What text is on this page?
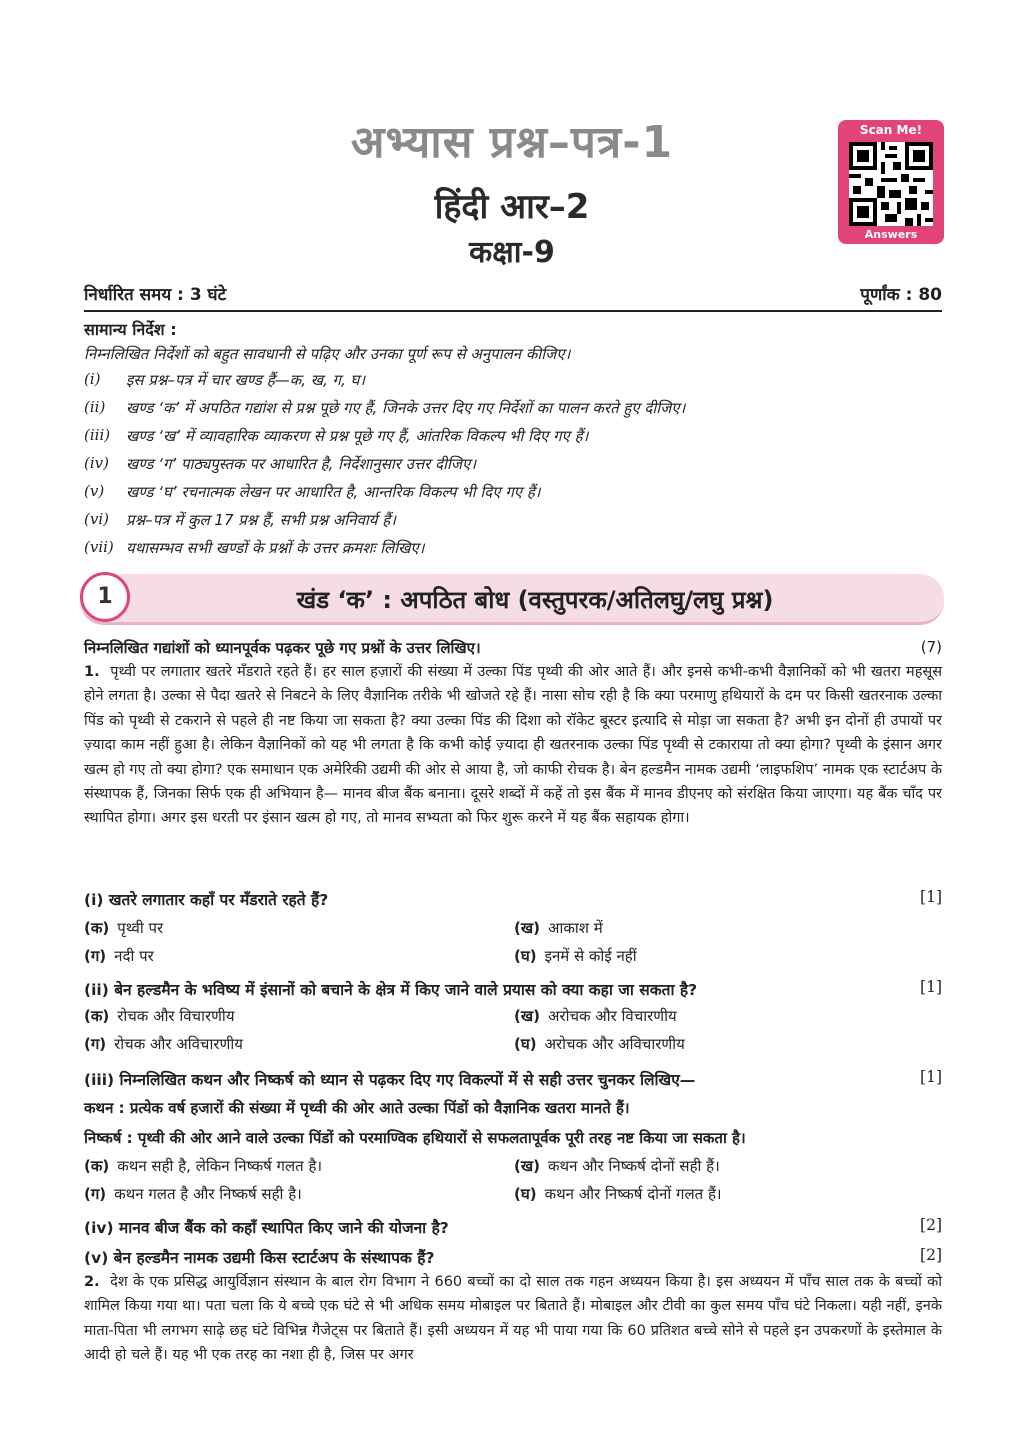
अभ्यास प्रश्न–पत्र-1
हिंदी आर–2
कक्षा-9
Scan Me!
Answers
निर्धारित समय : 3 घंटे	पूर्णांक : 80
सामान्य निर्देश :
निम्नलिखित निर्देशों को बहुत सावधानी से पढ़िए और उनका पूर्ण रूप से अनुपालन कीजिए।
(i) इस प्रश्न–पत्र में चार खण्ड हैं—क, ख, ग, घ।
(ii) खण्ड ‘क’ में अपठित गद्यांश से प्रश्न पूछे गए हैं, जिनके उत्तर दिए गए निर्देशों का पालन करते हुए दीजिए।
(iii) खण्ड ‘ख’ में व्यावहारिक व्याकरण से प्रश्न पूछे गए हैं, आंतरिक विकल्प भी दिए गए हैं।
(iv) खण्ड ‘ग’ पाठ्यपुस्तक पर आधारित है, निर्देशानुसार उत्तर दीजिए।
(v) खण्ड ‘घ’ रचनात्मक लेखन पर आधारित है, आन्तरिक विकल्प भी दिए गए हैं।
(vi) प्रश्न–पत्र में कुल 17 प्रश्न हैं, सभी प्रश्न अनिवार्य हैं।
(vii) यथासम्भव सभी खण्डों के प्रश्नों के उत्तर क्रमशः लिखिए।
1	खंड ‘क’ : अपठित बोध (वस्तुपरक/अतिलघु/लघु प्रश्न)
निम्नलिखित गद्यांशों को ध्यानपूर्वक पढ़कर पूछे गए प्रश्नों के उत्तर लिखिए।	(7)
1. पृथ्वी पर लगातार खतरे मँडराते रहते हैं। हर साल हज़ारों की संख्या में उल्का पिंड पृथ्वी की ओर आते हैं। और इनसे कभी-कभी वैज्ञानिकों को भी खतरा महसूस होने लगता है। उल्का से पैदा खतरे से निबटने के लिए वैज्ञानिक तरीके भी खोजते रहे हैं। नासा सोच रही है कि क्या परमाणु हथियारों के दम पर किसी खतरनाक उल्का पिंड को पृथ्वी से टकराने से पहले ही नष्ट किया जा सकता है? क्या उल्का पिंड की दिशा को रॉकेट बूस्टर इत्यादि से मोड़ा जा सकता है? अभी इन दोनों ही उपायों पर ज़्यादा काम नहीं हुआ है। लेकिन वैज्ञानिकों को यह भी लगता है कि कभी कोई ज़्यादा ही खतरनाक उल्का पिंड पृथ्वी से टकाराया तो क्या होगा? पृथ्वी के इंसान अगर खत्म हो गए तो क्या होगा? एक समाधान एक अमेरिकी उद्यमी की ओर से आया है, जो काफी रोचक है। बेन हल्डमैन नामक उद्यमी ‘लाइफशिप’ नामक एक स्टार्टअप के संस्थापक हैं, जिनका सिर्फ एक ही अभियान है— मानव बीज बैंक बनाना। दूसरे शब्दों में कहें तो इस बैंक में मानव डीएनए को संरक्षित किया जाएगा। यह बैंक चाँद पर स्थापित होगा। अगर इस धरती पर इंसान खत्म हो गए, तो मानव सभ्यता को फिर शुरू करने में यह बैंक सहायक होगा।
(i) खतरे लगातार कहाँ पर मँडराते रहते हैं?	[1]
(क) पृथ्वी पर	(ख) आकाश में
(ग) नदी पर	(घ) इनमें से कोई नहीं
(ii) बेन हल्डमैन के भविष्य में इंसानों को बचाने के क्षेत्र में किए जाने वाले प्रयास को क्या कहा जा सकता है?	[1]
(क) रोचक और विचारणीय	(ख) अरोचक और विचारणीय
(ग) रोचक और अविचारणीय	(घ) अरोचक और अविचारणीय
(iii) निम्नलिखित कथन और निष्कर्ष को ध्यान से पढ़कर दिए गए विकल्पों में से सही उत्तर चुनकर लिखिए—	[1]
कथन : प्रत्येक वर्ष हजारों की संख्या में पृथ्वी की ओर आते उल्का पिंडों को वैज्ञानिक खतरा मानते हैं।
निष्कर्ष : पृथ्वी की ओर आने वाले उल्का पिंडों को परमाण्विक हथियारों से सफलतापूर्वक पूरी तरह नष्ट किया जा सकता है।
(क) कथन सही है, लेकिन निष्कर्ष गलत है।	(ख) कथन और निष्कर्ष दोनों सही हैं।
(ग) कथन गलत है और निष्कर्ष सही है।	(घ) कथन और निष्कर्ष दोनों गलत हैं।
(iv) मानव बीज बैंक को कहाँ स्थापित किए जाने की योजना है?	[2]
(v) बेन हल्डमैन नामक उद्यमी किस स्टार्टअप के संस्थापक हैं?	[2]
2. देश के एक प्रसिद्ध आयुर्विज्ञान संस्थान के बाल रोग विभाग ने 660 बच्चों का दो साल तक गहन अध्ययन किया है। इस अध्ययन में पाँच साल तक के बच्चों को शामिल किया गया था। पता चला कि ये बच्चे एक घंटे से भी अधिक समय मोबाइल पर बिताते हैं। मोबाइल और टीवी का कुल समय पाँच घंटे निकला। यही नहीं, इनके माता-पिता भी लगभग साढ़े छह घंटे विभिन्न गैजेट्स पर बिताते हैं। इसी अध्ययन में यह भी पाया गया कि 60 प्रतिशत बच्चे सोने से पहले इन उपकरणों के इस्तेमाल के आदी हो चले हैं। यह भी एक तरह का नशा ही है, जिस पर अगर
